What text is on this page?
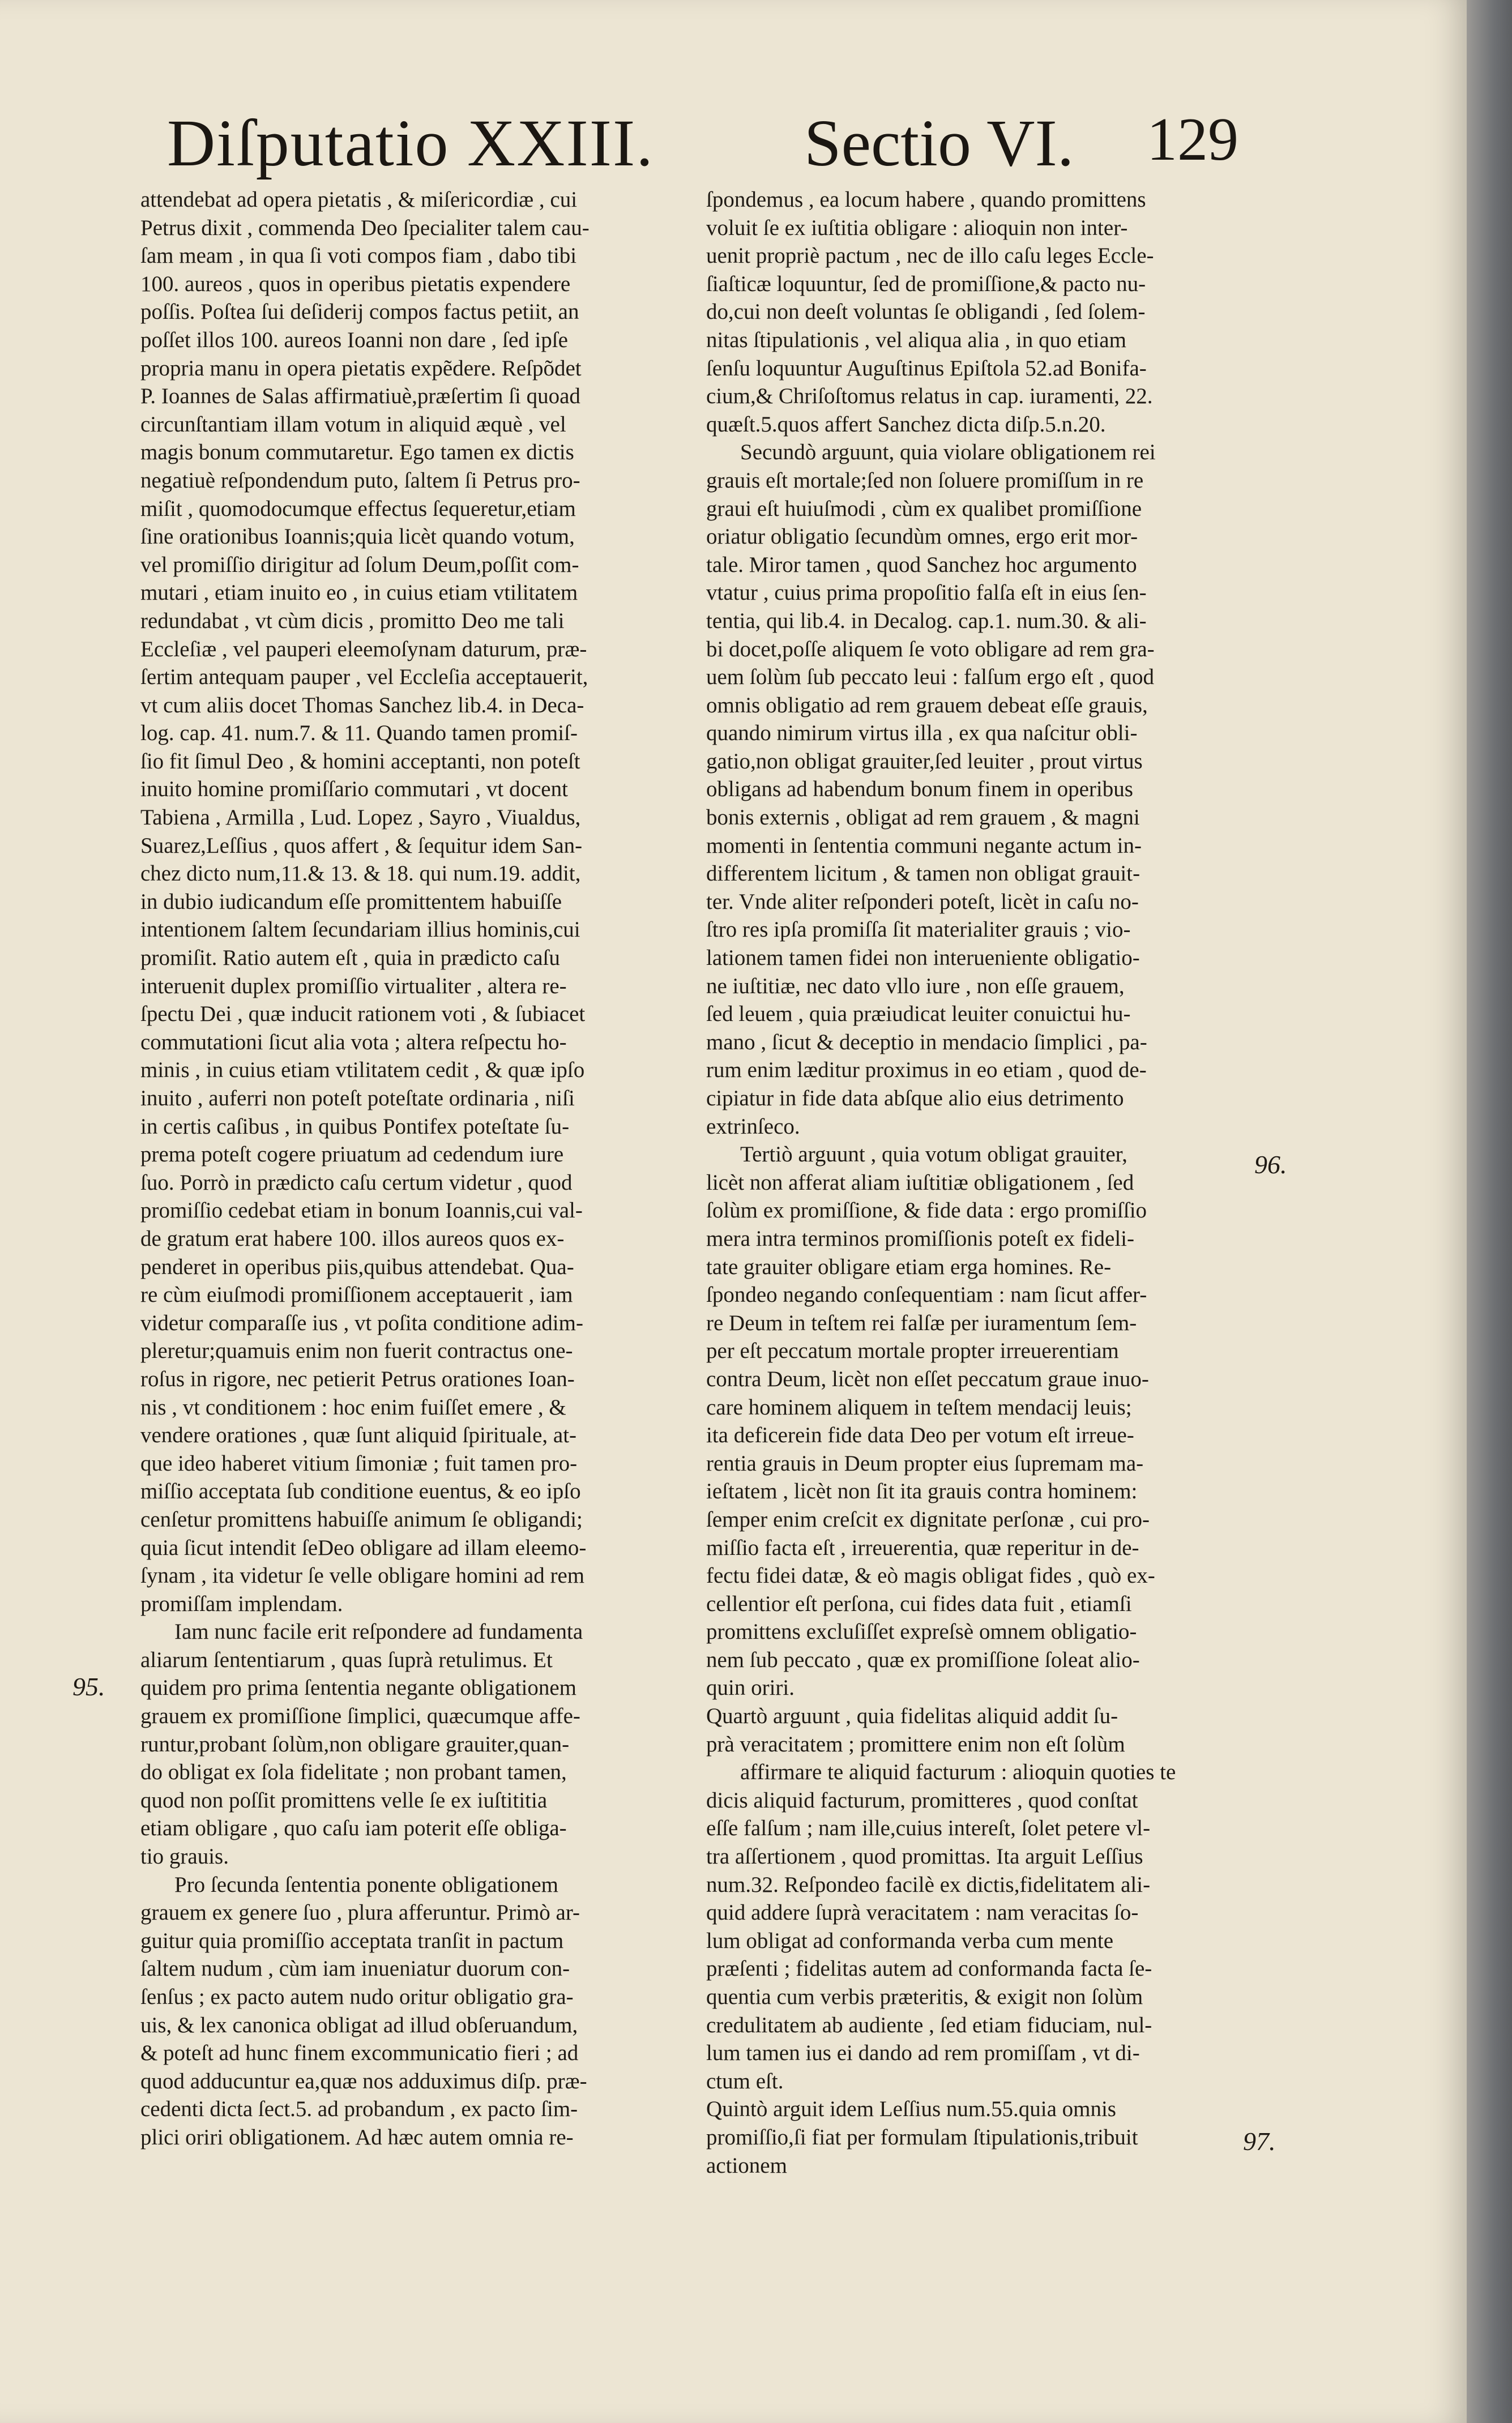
Diſputatio XXIII. Sectio VI. 129
attendebat ad opera pietatis , & miſericordiæ , cui
Petrus dixit , commenda Deo ſpecialiter talem cau-
ſam meam , in qua ſi voti compos fiam , dabo tibi
100. aureos , quos in operibus pietatis expendere
poſſis. Poſtea ſui deſiderij compos factus petiit, an
poſſet illos 100. aureos Ioanni non dare , ſed ipſe
propria manu in opera pietatis expẽdere. Reſpõdet
P. Ioannes de Salas affirmatiuè,præſertim ſi quoad
circunſtantiam illam votum in aliquid æquè , vel
magis bonum commutaretur. Ego tamen ex dictis
negatiuè reſpondendum puto, ſaltem ſi Petrus pro-
miſit , quomodocumque effectus ſequeretur,etiam
ſine orationibus Ioannis;quia licèt quando votum,
vel promiſſio dirigitur ad ſolum Deum,poſſit com-
mutari , etiam inuito eo , in cuius etiam vtilitatem
redundabat , vt cùm dicis , promitto Deo me tali
Eccleſiæ , vel pauperi eleemoſynam daturum, præ-
ſertim antequam pauper , vel Eccleſia acceptauerit,
vt cum aliis docet Thomas Sanchez lib.4. in Deca-
log. cap. 41. num.7. & 11. Quando tamen promiſ-
ſio fit ſimul Deo , & homini acceptanti, non poteſt
inuito homine promiſſario commutari , vt docent
Tabiena , Armilla , Lud. Lopez , Sayro , Viualdus,
Suarez,Leſſius , quos affert , & ſequitur idem San-
chez dicto num,11.& 13. & 18. qui num.19. addit,
in dubio iudicandum eſſe promittentem habuiſſe
intentionem ſaltem ſecundariam illius hominis,cui
promiſit. Ratio autem eſt , quia in prædicto caſu
interuenit duplex promiſſio virtualiter , altera re-
ſpectu Dei , quæ inducit rationem voti , & ſubiacet
commutationi ſicut alia vota ; altera reſpectu ho-
minis , in cuius etiam vtilitatem cedit , & quæ ipſo
inuito , auferri non poteſt poteſtate ordinaria , niſi
in certis caſibus , in quibus Pontifex poteſtate ſu-
prema poteſt cogere priuatum ad cedendum iure
ſuo. Porrò in prædicto caſu certum videtur , quod
promiſſio cedebat etiam in bonum Ioannis,cui val-
de gratum erat habere 100. illos aureos quos ex-
penderet in operibus piis,quibus attendebat. Qua-
re cùm eiuſmodi promiſſionem acceptauerit , iam
videtur comparaſſe ius , vt poſita conditione adim-
pleretur;quamuis enim non fuerit contractus one-
roſus in rigore, nec petierit Petrus orationes Ioan-
nis , vt conditionem : hoc enim fuiſſet emere , &
vendere orationes , quæ ſunt aliquid ſpirituale, at-
que ideo haberet vitium ſimoniæ ; fuit tamen pro-
miſſio acceptata ſub conditione euentus, & eo ipſo
cenſetur promittens habuiſſe animum ſe obligandi;
quia ſicut intendit ſeDeo obligare ad illam eleemo-
ſynam , ita videtur ſe velle obligare homini ad rem
promiſſam implendam.
Iam nunc facile erit reſpondere ad fundamenta
aliarum ſententiarum , quas ſuprà retulimus. Et
quidem pro prima ſententia negante obligationem
grauem ex promiſſione ſimplici, quæcumque affe-
runtur,probant ſolùm,non obligare grauiter,quan-
do obligat ex ſola fidelitate ; non probant tamen,
quod non poſſit promittens velle ſe ex iuſtititia
etiam obligare , quo caſu iam poterit eſſe obliga-
tio grauis.
Pro ſecunda ſententia ponente obligationem
grauem ex genere ſuo , plura afferuntur. Primò ar-
guitur quia promiſſio acceptata tranſit in pactum
ſaltem nudum , cùm iam inueniatur duorum con-
ſenſus ; ex pacto autem nudo oritur obligatio gra-
uis, & lex canonica obligat ad illud obſeruandum,
& poteſt ad hunc finem excommunicatio fieri ; ad
quod adducuntur ea,quæ nos adduximus diſp. præ-
cedenti dicta ſect.5. ad probandum , ex pacto ſim-
plici oriri obligationem. Ad hæc autem omnia re-
ſpondemus , ea locum habere , quando promittens
voluit ſe ex iuſtitia obligare : alioquin non inter-
uenit propriè pactum , nec de illo caſu leges Eccle-
ſiaſticæ loquuntur, ſed de promiſſione,& pacto nu-
do,cui non deeſt voluntas ſe obligandi , ſed ſolem-
nitas ſtipulationis , vel aliqua alia , in quo etiam
ſenſu loquuntur Auguſtinus Epiſtola 52.ad Bonifa-
cium,& Chriſoſtomus relatus in cap. iuramenti, 22.
quæſt.5.quos affert Sanchez dicta diſp.5.n.20.
Secundò arguunt, quia violare obligationem rei
grauis eſt mortale;ſed non ſoluere promiſſum in re
graui eſt huiuſmodi , cùm ex qualibet promiſſione
oriatur obligatio ſecundùm omnes, ergo erit mor-
tale. Miror tamen , quod Sanchez hoc argumento
vtatur , cuius prima propoſitio falſa eſt in eius ſen-
tentia, qui lib.4. in Decalog. cap.1. num.30. & ali-
bi docet,poſſe aliquem ſe voto obligare ad rem gra-
uem ſolùm ſub peccato leui : falſum ergo eſt , quod
omnis obligatio ad rem grauem debeat eſſe grauis,
quando nimirum virtus illa , ex qua naſcitur obli-
gatio,non obligat grauiter,ſed leuiter , prout virtus
obligans ad habendum bonum finem in operibus
bonis externis , obligat ad rem grauem , & magni
momenti in ſententia communi negante actum in-
differentem licitum , & tamen non obligat grauit-
ter. Vnde aliter reſponderi poteſt, licèt in caſu no-
ſtro res ipſa promiſſa ſit materialiter grauis ; vio-
lationem tamen fidei non interueniente obligatio-
ne iuſtitiæ, nec dato vllo iure , non eſſe grauem,
ſed leuem , quia præiudicat leuiter conuictui hu-
mano , ſicut & deceptio in mendacio ſimplici , pa-
rum enim læditur proximus in eo etiam , quod de-
cipiatur in fide data abſque alio eius detrimento
extrinſeco.
Tertiò arguunt , quia votum obligat grauiter,
licèt non afferat aliam iuſtitiæ obligationem , ſed
ſolùm ex promiſſione, & fide data : ergo promiſſio
mera intra terminos promiſſionis poteſt ex fideli-
tate grauiter obligare etiam erga homines. Re-
ſpondeo negando conſequentiam : nam ſicut affer-
re Deum in teſtem rei falſæ per iuramentum ſem-
per eſt peccatum mortale propter irreuerentiam
contra Deum, licèt non eſſet peccatum graue inuo-
care hominem aliquem in teſtem mendacij leuis;
ita deficerein fide data Deo per votum eſt irreue-
rentia grauis in Deum propter eius ſupremam ma-
ieſtatem , licèt non ſit ita grauis contra hominem:
ſemper enim creſcit ex dignitate perſonæ , cui pro-
miſſio facta eſt , irreuerentia, quæ reperitur in de-
fectu fidei datæ, & eò magis obligat fides , quò ex-
cellentior eſt perſona, cui fides data fuit , etiamſi
promittens excluſiſſet expreſsè omnem obligatio-
nem ſub peccato , quæ ex promiſſione ſoleat alio-
quin oriri.
Quartò arguunt , quia fidelitas aliquid addit ſu-
prà veracitatem ; promittere enim non eſt ſolùm
affirmare te aliquid facturum : alioquin quoties te
dicis aliquid facturum, promitteres , quod conſtat
eſſe falſum ; nam ille,cuius intereſt, ſolet petere vl-
tra aſſertionem , quod promittas. Ita arguit Leſſius
num.32. Reſpondeo facilè ex dictis,fidelitatem ali-
quid addere ſuprà veracitatem : nam veracitas ſo-
lum obligat ad conformanda verba cum mente
præſenti ; fidelitas autem ad conformanda facta ſe-
quentia cum verbis præteritis, & exigit non ſolùm
credulitatem ab audiente , ſed etiam fiduciam, nul-
lum tamen ius ei dando ad rem promiſſam , vt di-
ctum eſt.
Quintò arguit idem Leſſius num.55.quia omnis
promiſſio,ſi fiat per formulam ſtipulationis,tribuit
actionem
95.
96.
97.
